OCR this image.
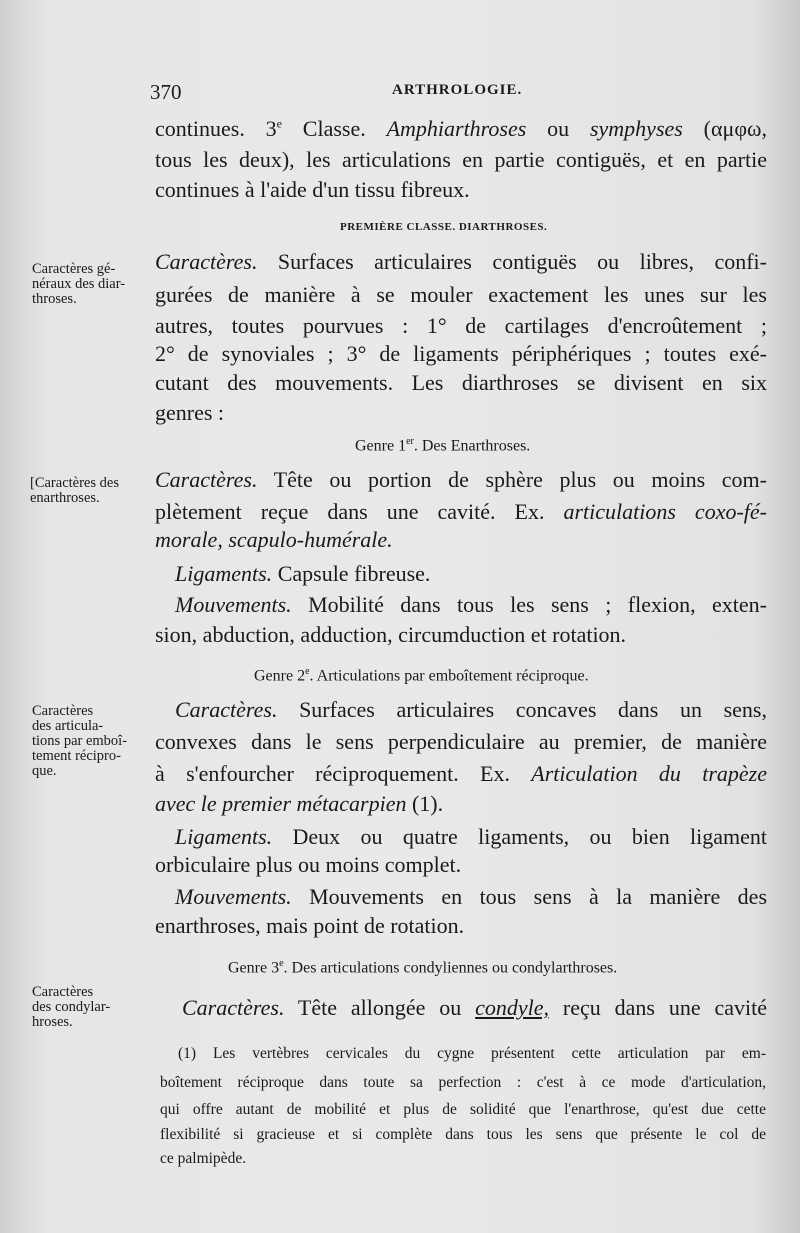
370	ARTHROLOGIE.
continues. 3e Classe. Amphiarthroses ou symphyses (αμφω,
tous les deux), les articulations en partie contiguës, et en partie
continues à l'aide d'un tissu fibreux.
PREMIÈRE CLASSE. DIARTHROSES.
Caractères. Surfaces articulaires contiguës ou libres, confi-
gurées de manière à se mouler exactement les unes sur les
autres, toutes pourvues : 1° de cartilages d'encroûtement ;
2° de synoviales ; 3° de ligaments périphériques ; toutes exé-
cutant des mouvements. Les diarthroses se divisent en six
genres :
Genre 1er. Des Enarthroses.
Caractères. Tête ou portion de sphère plus ou moins com-
plètement reçue dans une cavité. Ex. articulations coxo-fé-
morale, scapulo-humérale.
Ligaments. Capsule fibreuse.
Mouvements. Mobilité dans tous les sens ; flexion, exten-
sion, abduction, adduction, circumduction et rotation.
Genre 2e. Articulations par emboîtement réciproque.
Caractères. Surfaces articulaires concaves dans un sens,
convexes dans le sens perpendiculaire au premier, de manière
à s'enfourcher réciproquement. Ex. Articulation du trapèze
avec le premier métacarpien (1).
Ligaments. Deux ou quatre ligaments, ou bien ligament
orbiculaire plus ou moins complet.
Mouvements. Mouvements en tous sens à la manière des
enarthroses, mais point de rotation.
Genre 3e. Des articulations condyliennes ou condylarthroses.
Caractères. Tête allongée ou condyle, reçu dans une cavité
Caractères gé-
néraux des diar-
throses.
[Caractères des
enarthroses.
Caractères
des articula-
tions par emboî-
tement récipro-
que.
Caractères
des condylar-
hroses.
(1) Les vertèbres cervicales du cygne présentent cette articulation par em-
boîtement réciproque dans toute sa perfection : c'est à ce mode d'articulation,
qui offre autant de mobilité et plus de solidité que l'enarthrose, qu'est due cette
flexibilité si gracieuse et si complète dans tous les sens que présente le col de
ce palmipède.
